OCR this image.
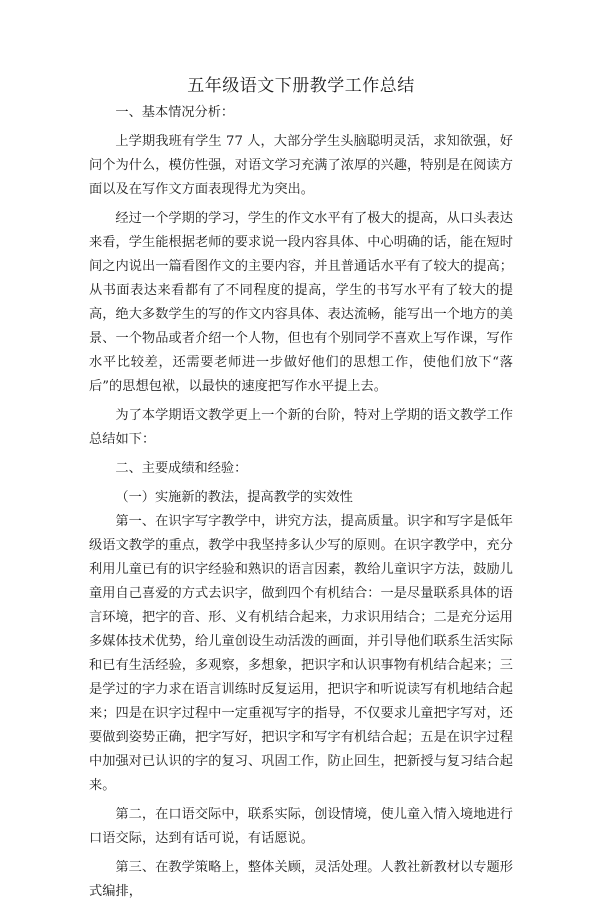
五年级语文下册教学工作总结
一、基本情况分析：

上学期我班有学生 77 人，大部分学生头脑聪明灵活，求知欲强，好问个为什么，模仿性强，对语文学习充满了浓厚的兴趣，特别是在阅读方面以及在写作文方面表现得尤为突出。

经过一个学期的学习，学生的作文水平有了极大的提高，从口头表达来看，学生能根据老师的要求说一段内容具体、中心明确的话，能在短时间之内说出一篇看图作文的主要内容，并且普通话水平有了较大的提高；从书面表达来看都有了不同程度的提高，学生的书写水平有了较大的提高，绝大多数学生的写的作文内容具体、表达流畅，能写出一个地方的美景、一个物品或者介绍一个人物，但也有个别同学不喜欢上写作课，写作水平比较差，还需要老师进一步做好他们的思想工作，使他们放下“落后”的思想包袱，以最快的速度把写作水平提上去。

为了本学期语文教学更上一个新的台阶，特对上学期的语文教学工作总结如下：

二、主要成绩和经验：
（一）实施新的教法，提高教学的实效性

第一、在识字写字教学中，讲究方法，提高质量。识字和写字是低年级语文教学的重点，教学中我坚持多认少写的原则。在识字教学中，充分利用儿童已有的识字经验和熟识的语言因素，教给儿童识字方法，鼓励儿童用自己喜爱的方式去识字，做到四个有机结合：一是尽量联系具体的语言环境，把字的音、形、义有机结合起来，力求识用结合；二是充分运用多媒体技术优势，给儿童创设生动活泼的画面，并引导他们联系生活实际和已有生活经验，多观察，多想象，把识字和认识事物有机结合起来；三是学过的字力求在语言训练时反复运用，把识字和听说读写有机地结合起来；四是在识字过程中一定重视写字的指导，不仅要求儿童把字写对，还要做到姿势正确，把字写好，把识字和写字有机结合起；五是在识字过程中加强对已认识的字的复习、巩固工作，防止回生，把新授与复习结合起来。

第二，在口语交际中，联系实际，创设情境，使儿童入情入境地进行口语交际，达到有话可说，有话愿说。

第三、在教学策略上，整体关顾，灵活处理。人教社新教材以专题形式编排，
